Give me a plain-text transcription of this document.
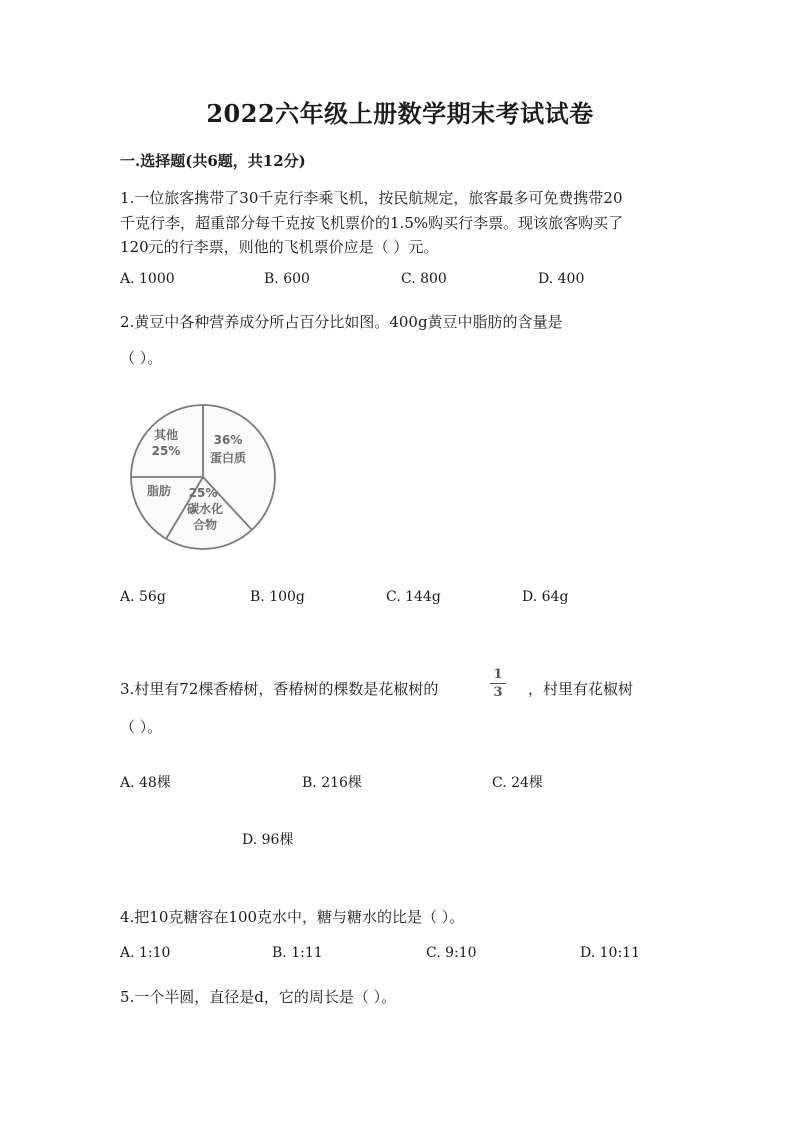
2022六年级上册数学期末考试试卷
一.选择题(共6题，共12分)
1.一位旅客携带了30千克行李乘飞机，按民航规定，旅客最多可免费携带20
千克行李，超重部分每千克按飞机票价的1.5%购买行李票。现该旅客购买了
120元的行李票，则他的飞机票价应是（ ）元。
A. 1000	B. 600	C. 800	D. 400
2.黄豆中各种营养成分所占百分比如图。400g黄豆中脂肪的含量是
（ ）。
36%
蛋白质
25%
碳水化
合物
脂肪
其他
25%
A. 56g	B. 100g	C. 144g	D. 64g
3.村里有72棵香椿树，香椿树的棵数是花椒树的
1
3 ，村里有花椒树
（ ）。
A. 48棵	B. 216棵	C. 24棵
D. 96棵
4.把10克糖容在100克水中，糖与糖水的比是（ ）。
A. 1:10	B. 1:11	C. 9:10	D. 10:11
5.一个半圆，直径是d，它的周长是（ ）。
